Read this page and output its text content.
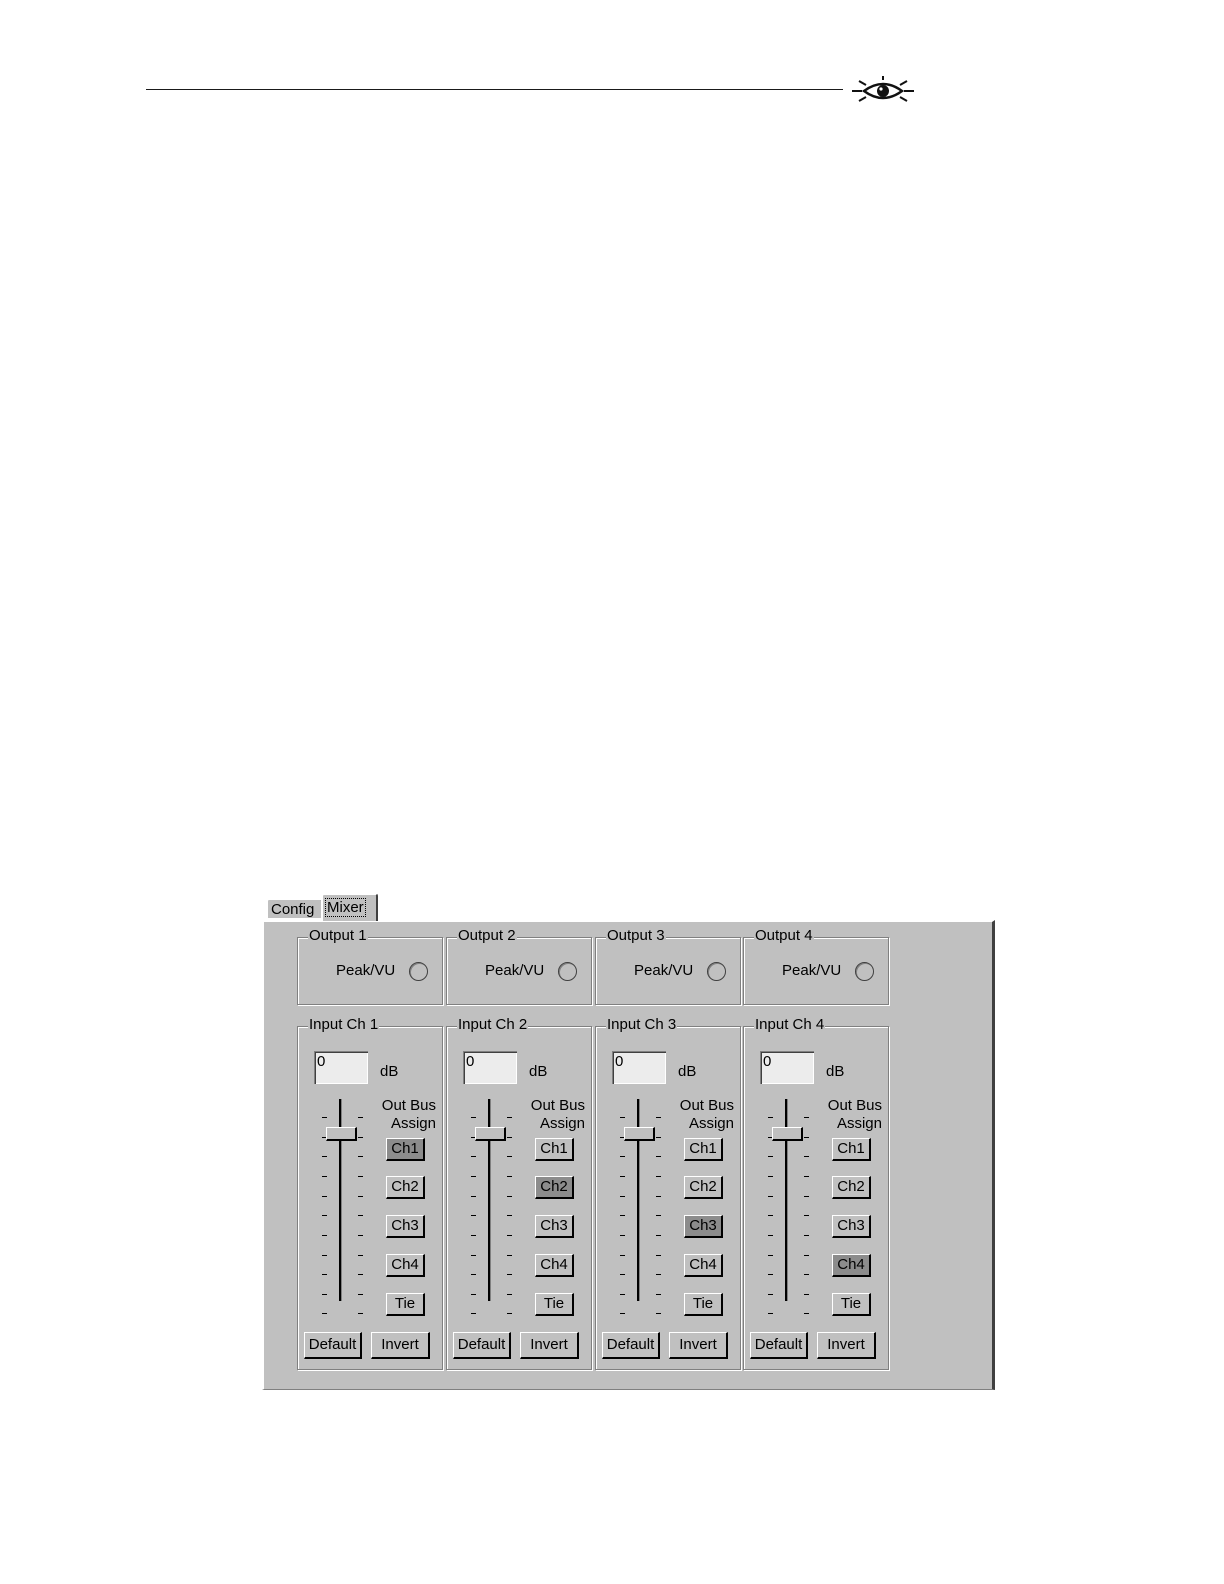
Config Mixer
Output 1
Peak/VU
Output 2
Peak/VU
Output 3
Peak/VU
Output 4
Peak/VU
Input Ch 1
0
dB
Out Bus
Assign
Ch1
Ch2
Ch3
Ch4
Tie
Default	Invert
Input Ch 2
0
dB
Out Bus
Assign
Ch1
Ch2
Ch3
Ch4
Tie
Default	Invert
Input Ch 3
0
dB
Out Bus
Assign
Ch1
Ch2
Ch3
Ch4
Tie
Default	Invert
Input Ch 4
0
dB
Out Bus
Assign
Ch1
Ch2
Ch3
Ch4
Tie
Default	Invert
